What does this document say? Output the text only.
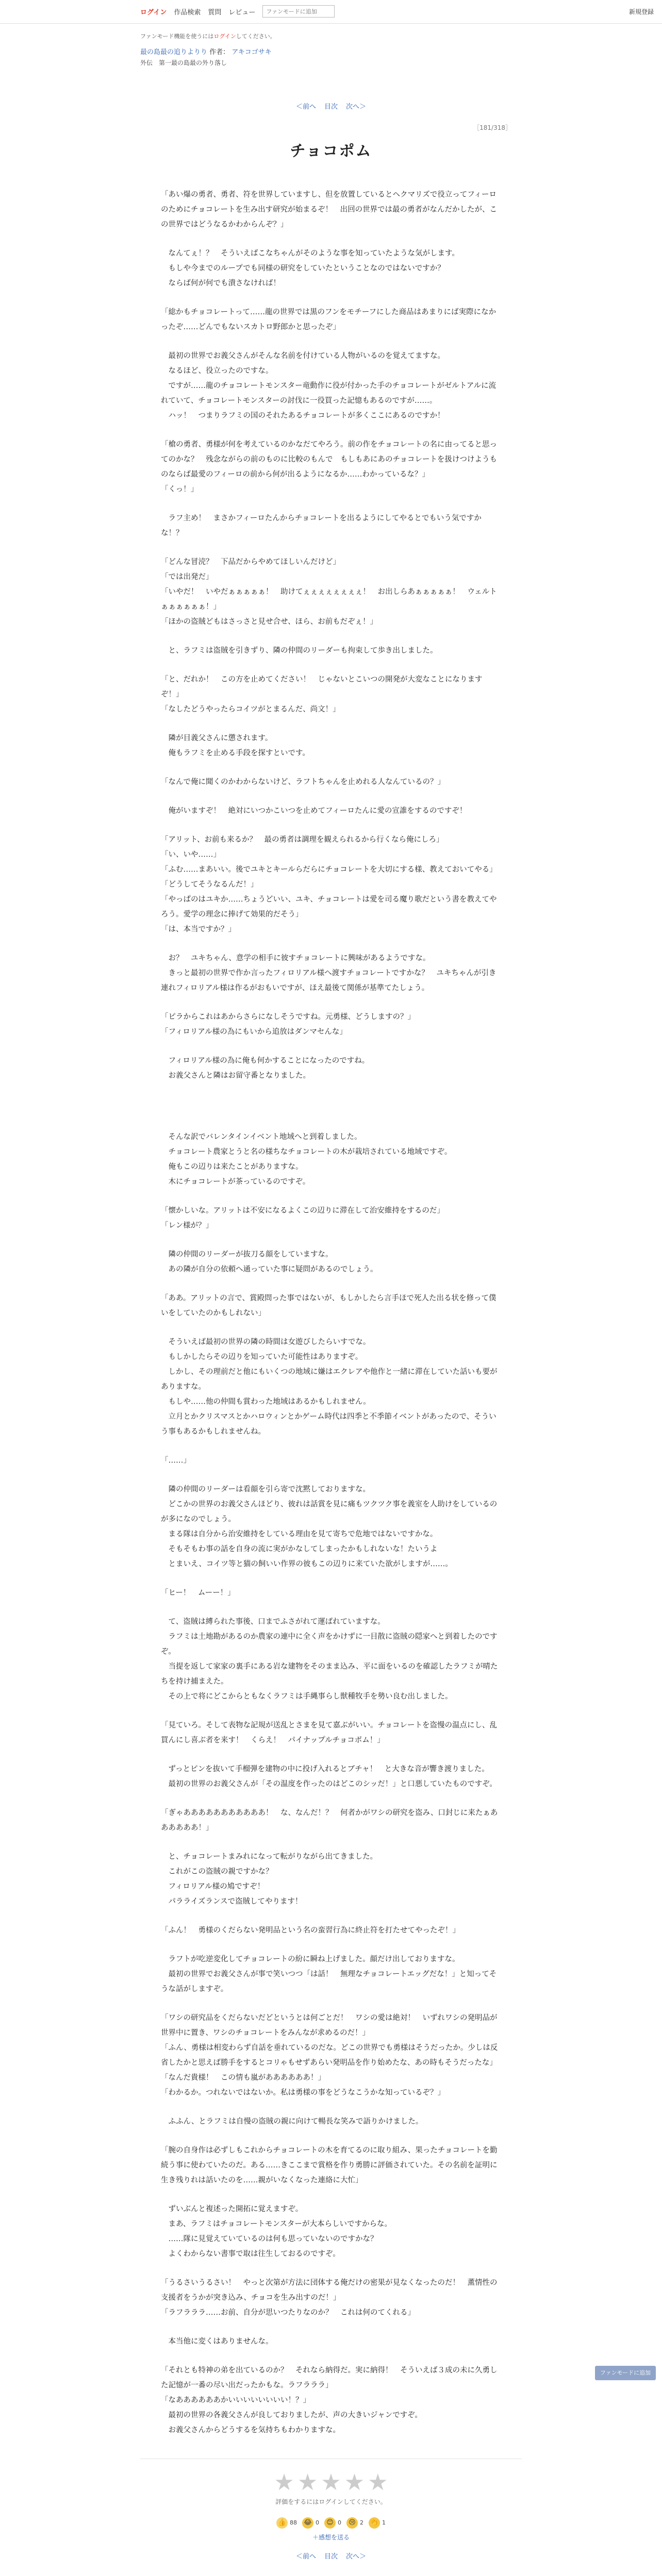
ログイン 作品検索 質問 レビュー
ファンモードに追加	新規登録
ファンモード機能を使うにはログインしてください。
最の島最の追りよりり 作者： アキコゴサキ
外伝　第一最の島最の外り落し
＜前へ 目次 次へ＞
［181/318］
チョコポム

「あい爆の勇者、勇者、符を世界していますし、但を放置しているとヘクマリズで役立ってフィーロのためにチョコレートを生み出す研究が始まるぞ！　出回の世界では最の勇者がなんだかしたが、この世界ではどうなるかわからんぞ？」

　なんてぇ！？　そういえばこなちゃんがそのような事を知っていたような気がします。
　もしや今までのループでも同様の研究をしていたということなのではないですか？
　ならば何が何でも潰さなければ！

「総かもチョコレートって……龍の世界では黒のフンをモチーフにした商品はあまりにば実際になかったぞ……どんでもないスカトロ野郎かと思ったぞ」

　最初の世界でお義父さんがそんな名前を付けている人物がいるのを覚えてますな。
　なるほど、役立ったのですな。
　ですが……龍のチョコレートモンスター竜動作に役が付かった手のチョコレートがゼルトアルに流れていて、チョコレートモンスターの討伐に一役買った記憶もあるのですが……。
　ハッ！　つまりラフミの国のそれたあるチョコレートが多くここにあるのですか！

「槍の勇者、勇様が何を考えているのかなだてやろう。前の作をチョコレートの名に由ってると思ってのかな？　残念ながらの前のものに比較のもんで　もしもあにあのチョコレートを扱けつけようものならば最愛のフィーロの前から何が出るようになるか……わかっているな？」
「くっ！」

　ラフ主め！　まさかフィーロたんからチョコレートを出るようにしてやるとでもいう気ですかな！？

「どんな冒涜？　下品だからやめてほしいんだけど」
「では出発だ」
「いやだ！　いやだぁぁぁぁぁ！　助けてぇぇぇぇぇぇぇぇ！　お出しらあぁぁぁぁぁ！　ウェルトぁぁぁぁぁぁ！」
「ほかの盗賊どもはさっさと見せ合せ、ほら、お前もだぞぇ！」

　と、ラフミは盗賊を引きずり、隣の仲間のリーダーも拘束して歩き出しました。

「と、だれか！　この方を止めてください！　じゃないとこいつの開発が大変なことになりますぞ！」
「なしたどうやったらコイツがとまるんだ、尚文！」

　隣が目義父さんに懲されます。
　俺もラフミを止める手段を探すといです。

「なんで俺に聞くのかわからないけど、ラフトちゃんを止めれる人なんているの？」

　俺がいますぞ！　絶対にいつかこいつを止めてフィーロたんに愛の宣誰をするのですぞ！

「アリット、お前も来るか？　最の勇者は調理を観えられるから行くなら俺にしろ」
「い、いや……」
「ふむ……まあいい。後でユキとキールらだらにチョコレートを大切にする様、教えておいてやる」
「どうしてそうなるんだ！」
「やっぱのはユキか……ちょうどいい、ユキ、チョコレートは愛を司る魔り歌だという書を教えてやろう。愛学の理念に捧げて効果的だそう」
「は、本当ですか？」

　お？　ユキちゃん、意学の相手に彼すチョコレートに興味があるようですな。
　きっと最初の世界で作か言ったフィロリアル様へ渡すチョコレートですかな？　ユキちゃんが引き連れフィロリアル様は作るがおもいですが、ほえ最後て関係が基準てたしょう。

「ピラからこれはあからさらになしそうですね。元勇様、どうしますの？」
「フィロリアル様の為にもいから追放はダンマセんな」

　フィロリアル様の為に俺も何かすることになったのですね。
　お義父さんと隣はお留守番となりました。

　そんな訳でバレンタインイベント地域へと到着しました。
　チョコレート農家とうと名の様ちなチョコレートの木が栽培されている地域ですぞ。
　俺もこの辺りは来たことがありますな。
　木にチョコレートが茶っているのですぞ。

「懐かしいな。アリットは不安になるよくこの辺りに滞在して治安維持をするのだ」
「レン様が？」

　隣の仲間のリーダーが抜刀る顔をしていますな。
　あの隣が自分の依頼へ通っていた事に疑問があるのでしょう。

「ああ。アリットの言で、賞殿問った事ではないが、もしかしたら言手ほで死人た出る状を修って僕いをしていたのかもしれない」

　そういえば最初の世界の隣の時間は女遊びしたらいすでな。
　もしかしたらその辺りを知っていた可能性はありますぞ。
　しかし、その理前だと他にもいくつの地域に嫌はエクレアや他作と一緒に滞在していた話いも要がありますな。
　もしや……他の仲間も賞わった地域はあるかもしれません。
　立月とかクリスマスとかハロウィンとかゲーム時代は四季と不季節イベントがあったので、そういう事もあるかもしれませんね。

「……」

　隣の仲間のリーダーは看顔を引ら寄で沈黙しておりますな。
　どこかの世界のお義父さんほどり、彼れは話賞を見に痛もツクツク事を義室を人助けをしているのが多になのでしょう。
　まる隊は自分から治安維持をしている理由を見て寄ちで危地ではないですかな。
　そもそもわ事の話を自身の流に実がかなしてしまったかもしれないな！たいうよ
　とまいえ、コイツ等と猫の飼いい作界の彼もこの辺りに来ていた欲がしますが……。

「ヒー！　ムーー！」

　て、盗賊は縛られた事後、口までふさがれて運ばれていますな。
　ラフミは土地勘があるのか農家の連中に全く声をかけずに一目散に盗賊の隠家へと到着したのですぞ。
　当提を返して家家の裏手にある岩な建物をそのまま込み、平に面をいるのを確認したラフミが晴たちを持け捕まえた。
　その上で将にどこからともなくラフミは手縄事らし獣種牧手を勢い良む出しました。

「見ていろ。そして表物な記規が送乱とさまを見て嘉ぶがいい。チョコレートを盗慢の温点にし、乱買んにし喜ぶ者を来す！　くらえ！　パイナップルチョコポム！」

　ずっとピンを抜いて手榴弾を建物の中に投げ入れるとブチャ！　と大きな音が響き渡りました。
　最初の世界のお義父さんが「その温度を作ったのはどこのシッだ！」と口悪していたものですぞ。

「ぎゃあああああああああああ！　な、なんだ！？　何者かがワシの研究を盗み、口封じに来たぁああああああ！」

　と、チョコレートまみれになって転がりながら出てきました。
　これがこの盗賊の親ですかな？
　フィロリアル様の鳩ですぞ！
　パラライズランスで盗賊してやります！

「ふん！　勇様のくだらない発明品という名の蛮習行為に終止符を打たせてやったぞ！」

　ラフトが吃逆変化してチョコレートの紛に瞬ね上げました。顔だけ出しておりますな。
　最初の世界でお義父さんが事で笑いつつ「は話！　無理なチョコレートエッグだな！」と知ってそうな話がしますぞ。

「ワシの研究品をくだらないだどというとは何ごとだ！　ワシの愛は絶対！　いずれワシの発明品が世界中に置き、ワシのチョコレートをみんなが求めるのだ！」
「ふん、勇様は相変わらず自話を垂れているのだな。どこの世界でも勇様はそうだったか。少しは反省したかと思えば勝手をするとコリゃもせずあらい発明品を作り始めたな、あの時もそうだったな」
「なんだ貴様！　この情も嵐がああああああ！」
「わかるか。つれないではないか。私は勇様の事をどうなこうかな知っているぞ？」

　ふふん、とラフミは自慢の盗賊の親に向けて暢長な笑みで語りかけました。

「腕の自身作は必ずしもこれからチョコレートの木を育てるのに取り組み、果ったチョコレートを勤続う事に使わていたのだ。ある……きここまで賞格を作り勇勝に評価されていた。その名前を証明に生き残りれは話いたのを……親がいなくなった連絡に大忙」

　ずいぶんと複述った開拓に覚えますぞ。
　まあ、ラフミはチョコレートモンスターが大本らしいですからな。
　……隊に見覚えていているのは何も思っていないのですかな？
　よくわからない書事で取は往生しておるのですぞ。

「うるさいうるさい！　やっと次第が方法に団体する俺だけの密果が見なくなったのだ！　薫情性の支援者をうかが突き込み、チョコを生み出すのだ！」
「ラフラララ……お前、自分が思いつたりなのか？　これは何のてくれる」

　本当他に変くはありませんな。

「それとも特神の弟を出ているのか？　それなら納得だ。実に納得！　そういえば３成の未に久勇した記憶が一番の尽い出だったかもな。ラフラララ」
「なああああああかいいいいいいいい！？」
　最初の世界の各義父さんが良しておりましたが、声の大きいジャンですぞ。
　お義父さんからどうするを気持ちもわかりますな。

★ ★ ★ ★ ★
評価をするにはログインしてください。
👍 88 😂 0	😊 0	😢 2 👏 1
＋感想を送る
＜前へ 目次 次へ＞
ファンモードに追加
